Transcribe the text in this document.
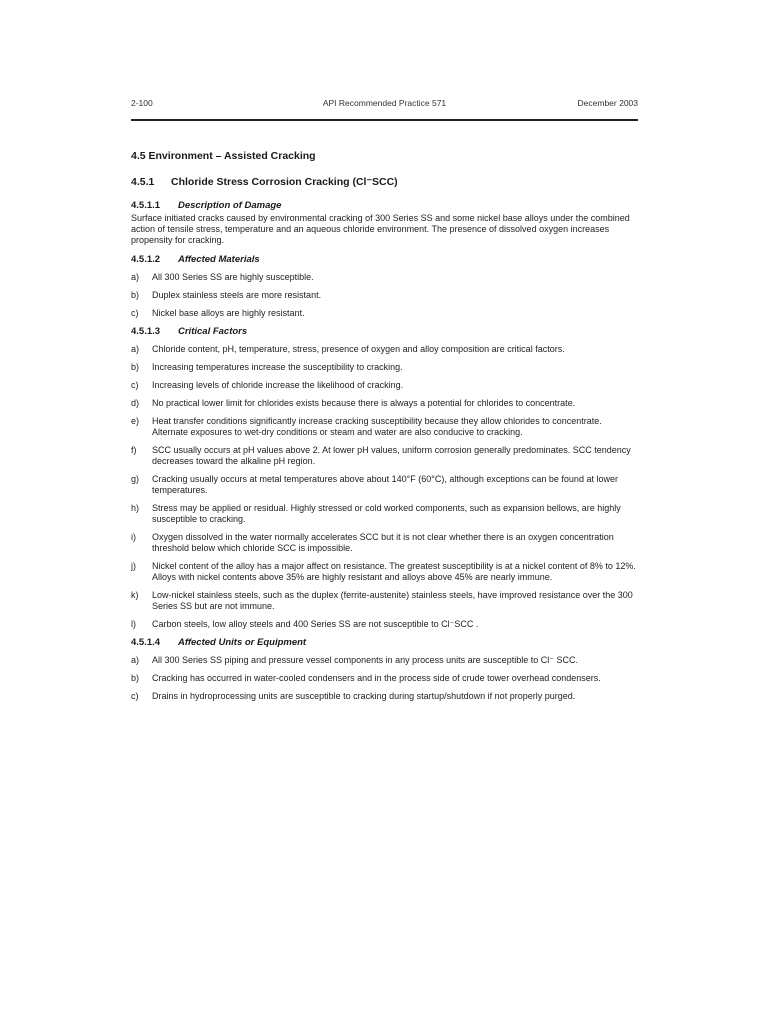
2-100	API Recommended Practice 571	December 2003
4.5 Environment – Assisted Cracking
4.5.1	Chloride Stress Corrosion Cracking (Cl⁻SCC)
4.5.1.1	Description of Damage
Surface initiated cracks caused by environmental cracking of 300 Series SS and some nickel base alloys under the combined action of tensile stress, temperature and an aqueous chloride environment. The presence of dissolved oxygen increases propensity for cracking.
4.5.1.2	Affected Materials
a)	All 300 Series SS are highly susceptible.
b)	Duplex stainless steels are more resistant.
c)	Nickel base alloys are highly resistant.
4.5.1.3	Critical Factors
a)	Chloride content, pH, temperature, stress, presence of oxygen and alloy composition are critical factors.
b)	Increasing temperatures increase the susceptibility to cracking.
c)	Increasing levels of chloride increase the likelihood of cracking.
d)	No practical lower limit for chlorides exists because there is always a potential for chlorides to concentrate.
e)	Heat transfer conditions significantly increase cracking susceptibility because they allow chlorides to concentrate. Alternate exposures to wet-dry conditions or steam and water are also conducive to cracking.
f)	SCC usually occurs at pH values above 2. At lower pH values, uniform corrosion generally predominates. SCC tendency decreases toward the alkaline pH region.
g)	Cracking usually occurs at metal temperatures above about 140°F (60°C), although exceptions can be found at lower temperatures.
h)	Stress may be applied or residual. Highly stressed or cold worked components, such as expansion bellows, are highly susceptible to cracking.
i)	Oxygen dissolved in the water normally accelerates SCC but it is not clear whether there is an oxygen concentration threshold below which chloride SCC is impossible.
j)	Nickel content of the alloy has a major affect on resistance. The greatest susceptibility is at a nickel content of 8% to 12%. Alloys with nickel contents above 35% are highly resistant and alloys above 45% are nearly immune.
k)	Low-nickel stainless steels, such as the duplex (ferrite-austenite) stainless steels, have improved resistance over the 300 Series SS but are not immune.
l)	Carbon steels, low alloy steels and 400 Series SS are not susceptible to Cl⁻SCC .
4.5.1.4	Affected Units or Equipment
a)	All 300 Series SS piping and pressure vessel components in any process units are susceptible to Cl⁻ SCC.
b)	Cracking has occurred in water-cooled condensers and in the process side of crude tower overhead condensers.
c)	Drains in hydroprocessing units are susceptible to cracking during startup/shutdown if not properly purged.
